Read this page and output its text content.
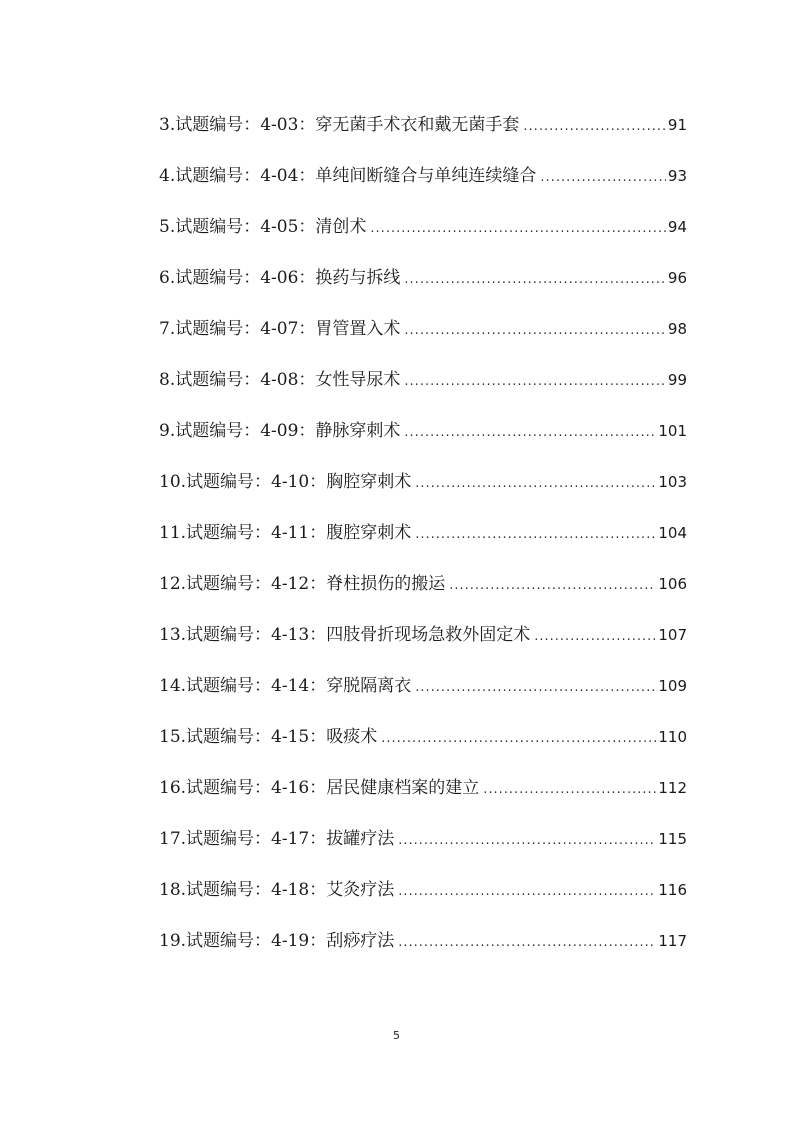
3.试题编号：4-03：穿无菌手术衣和戴无菌手套 .....	91
4.试题编号：4-04：单纯间断缝合与单纯连续缝合 .....	93
5.试题编号：4-05：清创术 .....	94
6.试题编号：4-06：换药与拆线 .....	96
7.试题编号：4-07：胃管置入术 .....	98
8.试题编号：4-08：女性导尿术 .....	99
9.试题编号：4-09：静脉穿刺术 .....	101
10.试题编号：4-10：胸腔穿刺术 .....	103
11.试题编号：4-11：腹腔穿刺术 .....	104
12.试题编号：4-12：脊柱损伤的搬运 .....	106
13.试题编号：4-13：四肢骨折现场急救外固定术 .....	107
14.试题编号：4-14：穿脱隔离衣 .....	109
15.试题编号：4-15：吸痰术 .....	110
16.试题编号：4-16：居民健康档案的建立 .....	112
17.试题编号：4-17：拔罐疗法 .....	115
18.试题编号：4-18：艾灸疗法 .....	116
19.试题编号：4-19：刮痧疗法 .....	117
5
